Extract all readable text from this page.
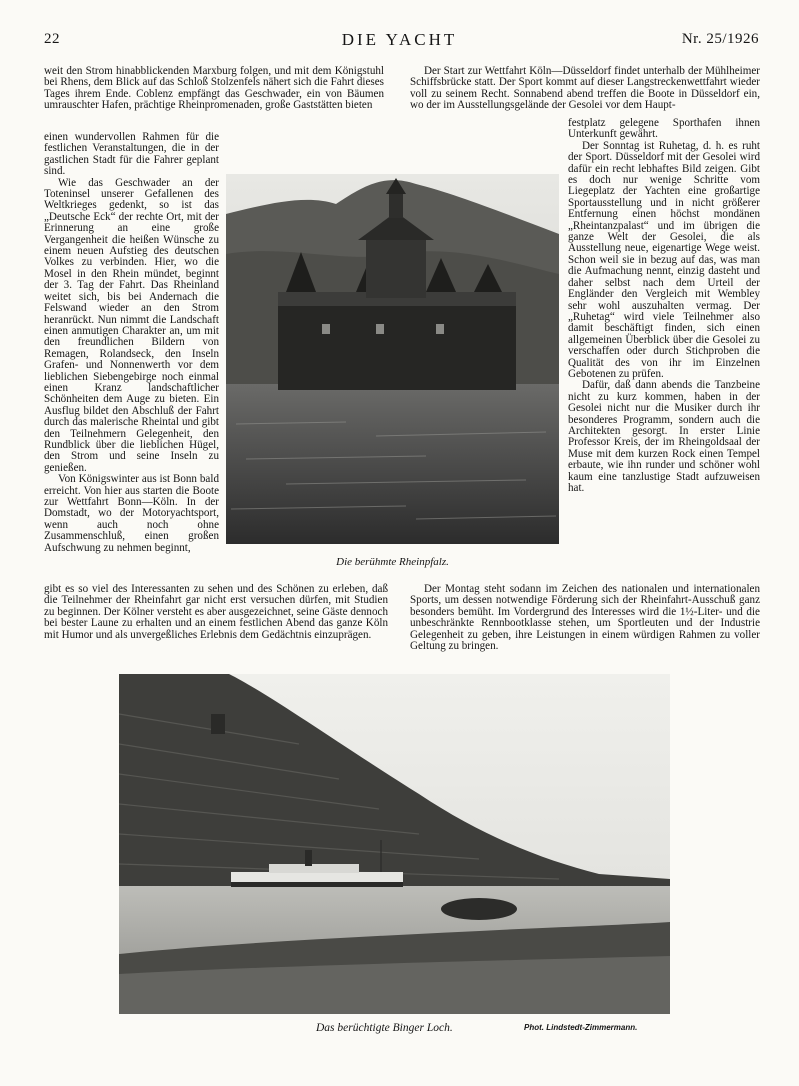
22	DIE YACHT	Nr. 25/1926

weit den Strom hinabblickenden Marxburg folgen, und mit dem Königstuhl bei Rhens, dem Blick auf das Schloß Stolzenfels nähert sich die Fahrt dieses Tages ihrem Ende. Coblenz empfängt das Geschwader, ein von Bäumen umrauschter Hafen, prächtige Rheinpromenaden, große Gaststätten bieten

einen wundervollen Rahmen für die festlichen Veranstaltungen, die in der gastlichen Stadt für die Fahrer geplant sind.

Wie das Geschwader an der Toteninsel unserer Gefallenen des Weltkrieges gedenkt, so ist das „Deutsche Eck“ der rechte Ort, mit der Erinnerung an eine große Vergangenheit die heißen Wünsche zu einem neuen Aufstieg des deutschen Volkes zu verbinden. Hier, wo die Mosel in den Rhein mündet, beginnt der 3. Tag der Fahrt. Das Rheinland weitet sich, bis bei Andernach die Felswand wieder an den Strom heranrückt. Nun nimmt die Landschaft einen anmutigen Charakter an, um mit den freundlichen Bildern von Remagen, Rolandseck, den Inseln Grafen- und Nonnenwerth vor dem lieblichen Siebengebirge noch einmal einen Kranz landschaftlicher Schönheiten dem Auge zu bieten. Ein Ausflug bildet den Abschluß der Fahrt durch das malerische Rheintal und gibt den Teilnehmern Gelegenheit, den Rundblick über die lieblichen Hügel, den Strom und seine Inseln zu genießen.

Von Königswinter aus ist Bonn bald erreicht. Von hier aus starten die Boote zur Wettfahrt Bonn—Köln. In der Domstadt, wo der Motoryachtsport, wenn auch noch ohne Zusammenschluß, einen großen Aufschwung zu nehmen beginnt,

gibt es so viel des Interessanten zu sehen und des Schönen zu erleben, daß die Teilnehmer der Rheinfahrt gar nicht erst versuchen dürfen, mit Studien zu beginnen. Der Kölner versteht es aber ausgezeichnet, seine Gäste dennoch bei bester Laune zu erhalten und an einem festlichen Abend das ganze Köln mit Humor und als unvergeßliches Erlebnis dem Gedächtnis einzuprägen.

Der Start zur Wettfahrt Köln—Düsseldorf findet unterhalb der Mühlheimer Schiffsbrücke statt. Der Sport kommt auf dieser Langstreckenwettfahrt wieder voll zu seinem Recht. Sonnabend abend treffen die Boote in Düsseldorf ein, wo der im Ausstellungsgelände der Gesolei vor dem Haupt-

festplatz gelegene Sporthafen ihnen Unterkunft gewährt.

Der Sonntag ist Ruhetag, d. h. es ruht der Sport. Düsseldorf mit der Gesolei wird dafür ein recht lebhaftes Bild zeigen. Gibt es doch nur wenige Schritte vom Liegeplatz der Yachten eine großartige Sportausstellung und in nicht größerer Entfernung einen höchst mondänen „Rheintanzpalast“ und im übrigen die ganze Welt der Gesolei, die als Ausstellung neue, eigenartige Wege weist. Schon weil sie in bezug auf das, was man die Aufmachung nennt, einzig dasteht und daher selbst nach dem Urteil der Engländer den Vergleich mit Wembley sehr wohl auszuhalten vermag. Der „Ruhetag“ wird viele Teilnehmer also damit beschäftigt finden, sich einen allgemeinen Überblick über die Gesolei zu verschaffen oder durch Stichproben die Qualität des von ihr im Einzelnen Gebotenen zu prüfen.

Dafür, daß dann abends die Tanzbeine nicht zu kurz kommen, haben in der Gesolei nicht nur die Musiker durch ihr besonderes Programm, sondern auch die Architekten gesorgt. In erster Linie Professor Kreis, der im Rheingoldsaal der Muse mit dem kurzen Rock einen Tempel erbaute, wie ihn runder und schöner wohl kaum eine tanzlustige Stadt aufzuweisen hat.

Der Montag steht sodann im Zeichen des nationalen und internationalen Sports, um dessen notwendige Förderung sich der Rheinfahrt-Ausschuß ganz besonders bemüht. Im Vordergrund des Interesses wird die 1½-Liter- und die unbeschränkte Rennbootklasse stehen, um Sportleuten und der Industrie Gelegenheit zu geben, ihre Leistungen in einem würdigen Rahmen zu voller Geltung zu bringen.

Die berühmte Rheinpfalz.
Das berüchtigte Binger Loch.	Phot. Lindstedt-Zimmermann.
